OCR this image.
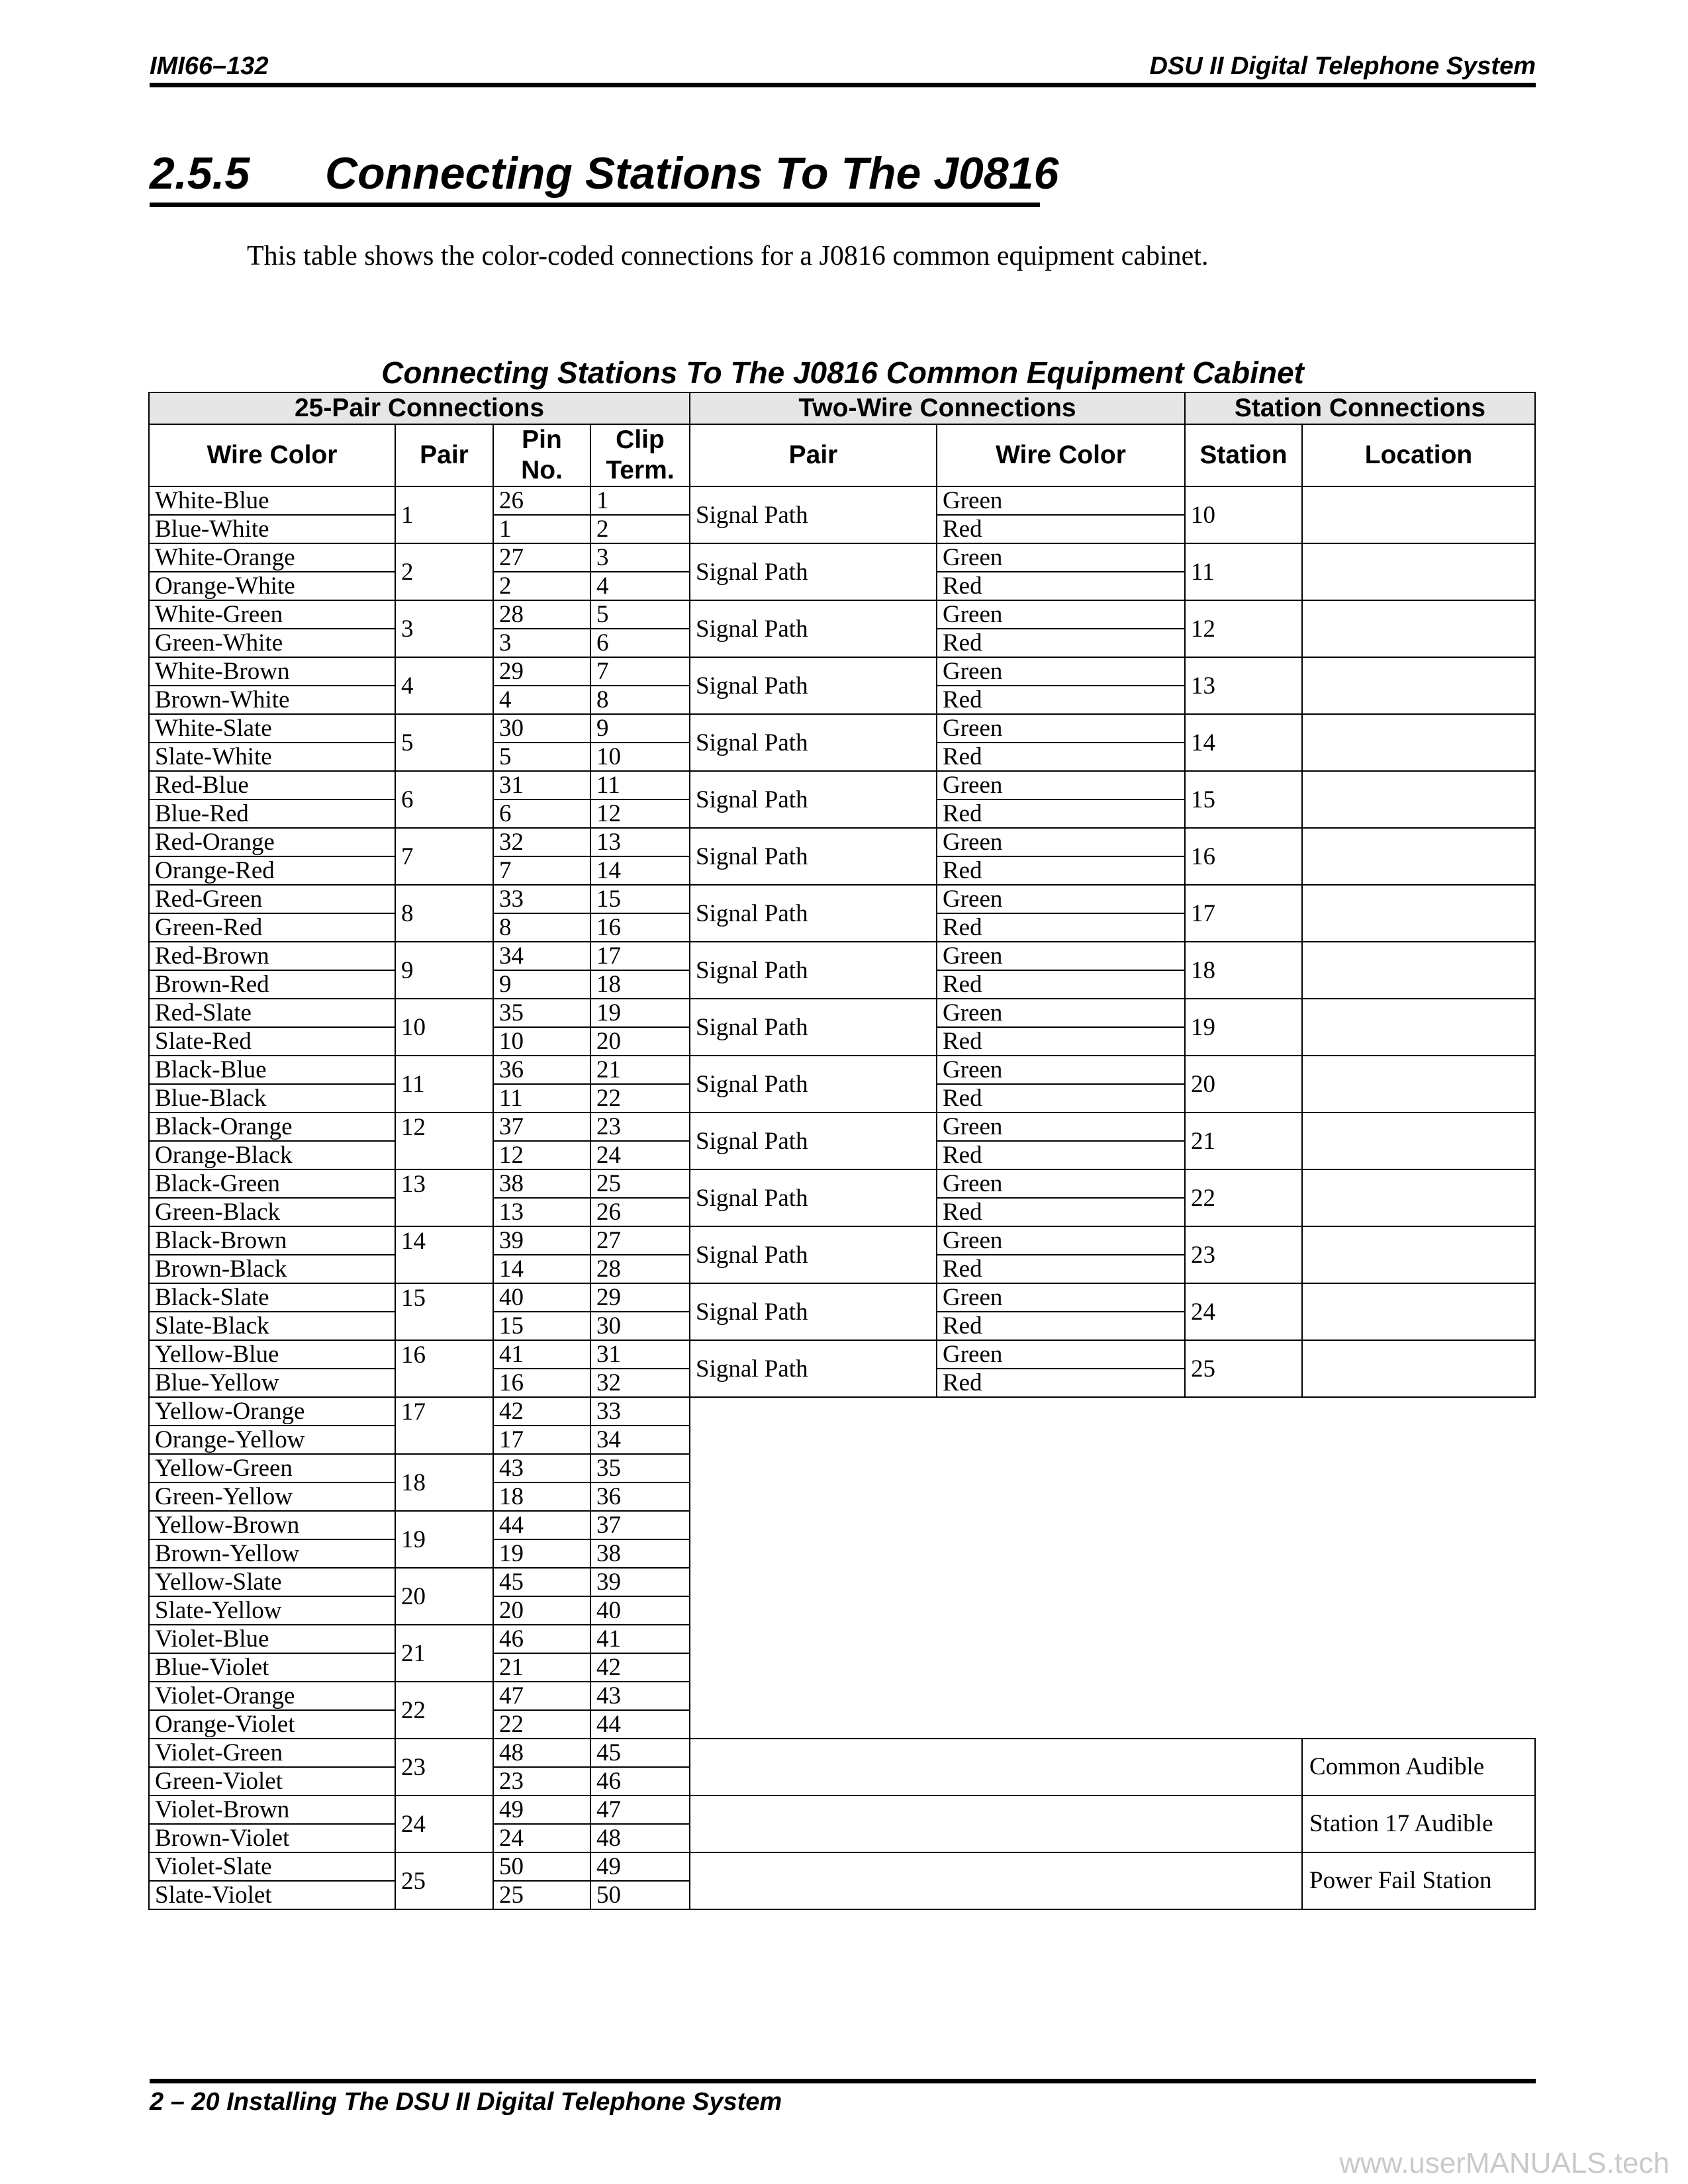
IMI66–132	DSU II Digital Telephone System
2.5.5 Connecting Stations To The J0816
This table shows the color-coded connections for a J0816 common equipment cabinet.
Connecting Stations To The J0816 Common Equipment Cabinet
25-Pair Connections				Two-Wire Connections		Station Connections	
Wire Color	Pair	Pin No.	Clip Term.	Pair	Wire Color	Station	Location
White-Blue	1	26	1	Signal Path	Green	10	
Blue-White		1	2		Red		
White-Orange	2	27	3	Signal Path	Green	11	
Orange-White		2	4		Red		
White-Green	3	28	5	Signal Path	Green	12	
Green-White		3	6		Red		
White-Brown	4	29	7	Signal Path	Green	13	
Brown-White		4	8		Red		
White-Slate	5	30	9	Signal Path	Green	14	
Slate-White		5	10		Red		
Red-Blue	6	31	11	Signal Path	Green	15	
Blue-Red		6	12		Red		
Red-Orange	7	32	13	Signal Path	Green	16	
Orange-Red		7	14		Red		
Red-Green	8	33	15	Signal Path	Green	17	
Green-Red		8	16		Red		
Red-Brown	9	34	17	Signal Path	Green	18	
Brown-Red		9	18		Red		
Red-Slate	10	35	19	Signal Path	Green	19	
Slate-Red		10	20		Red		
Black-Blue	11	36	21	Signal Path	Green	20	
Blue-Black		11	22		Red		
Black-Orange	12	37	23	Signal Path	Green	21	
Orange-Black		12	24		Red		
Black-Green	13	38	25	Signal Path	Green	22	
Green-Black		13	26		Red		
Black-Brown	14	39	27	Signal Path	Green	23	
Brown-Black		14	28		Red		
Black-Slate	15	40	29	Signal Path	Green	24	
Slate-Black		15	30		Red		
Yellow-Blue	16	41	31	Signal Path	Green	25	
Blue-Yellow		16	32		Red		
Yellow-Orange	17	42	33				
Orange-Yellow		17	34				
Yellow-Green	18	43	35				
Green-Yellow		18	36				
Yellow-Brown	19	44	37				
Brown-Yellow		19	38				
Yellow-Slate	20	45	39				
Slate-Yellow		20	40				
Violet-Blue	21	46	41				
Blue-Violet		21	42				
Violet-Orange	22	47	43				
Orange-Violet		22	44				
Violet-Green	23	48	45				Common Audible
Green-Violet		23	46				
Violet-Brown	24	49	47				Station 17 Audible
Brown-Violet		24	48				
Violet-Slate	25	50	49				Power Fail Station
Slate-Violet		25	50				
2 – 20 Installing The DSU II Digital Telephone System
www.userMANUALS.tech
